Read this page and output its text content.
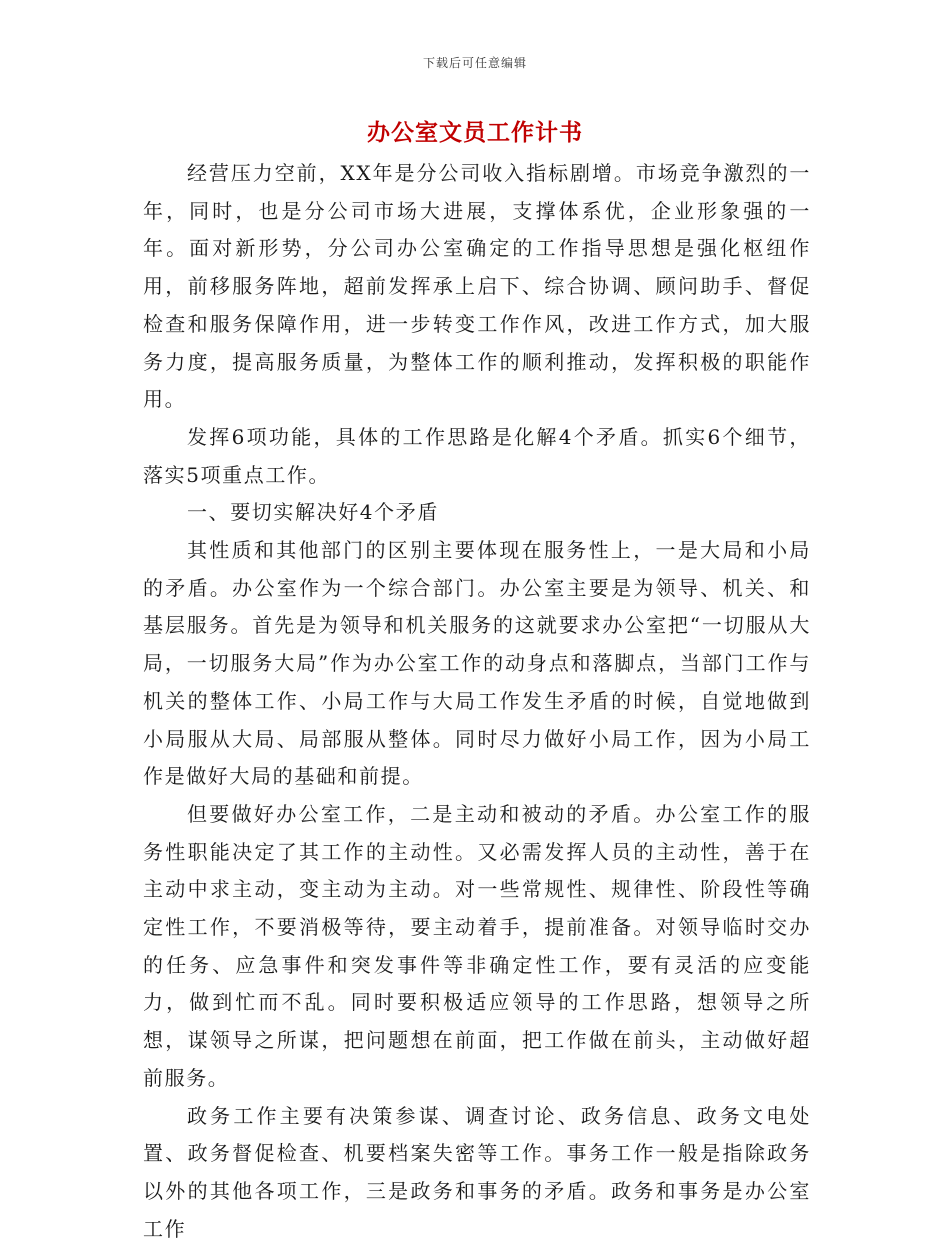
下载后可任意编辑
办公室文员工作计书

经营压力空前，XX年是分公司收入指标剧增。市场竞争激烈的一年，同时，也是分公司市场大进展，支撑体系优，企业形象强的一年。面对新形势，分公司办公室确定的工作指导思想是强化枢纽作用，前移服务阵地，超前发挥承上启下、综合协调、顾问助手、督促检查和服务保障作用，进一步转变工作作风，改进工作方式，加大服务力度，提高服务质量，为整体工作的顺利推动，发挥积极的职能作用。

发挥6项功能，具体的工作思路是化解4个矛盾。抓实6个细节，落实5项重点工作。

一、要切实解决好4个矛盾

其性质和其他部门的区别主要体现在服务性上，一是大局和小局的矛盾。办公室作为一个综合部门。办公室主要是为领导、机关、和基层服务。首先是为领导和机关服务的这就要求办公室把“一切服从大局，一切服务大局”作为办公室工作的动身点和落脚点，当部门工作与机关的整体工作、小局工作与大局工作发生矛盾的时候，自觉地做到小局服从大局、局部服从整体。同时尽力做好小局工作，因为小局工作是做好大局的基础和前提。

但要做好办公室工作，二是主动和被动的矛盾。办公室工作的服务性职能决定了其工作的主动性。又必需发挥人员的主动性，善于在主动中求主动，变主动为主动。对一些常规性、规律性、阶段性等确定性工作，不要消极等待，要主动着手，提前准备。对领导临时交办的任务、应急事件和突发事件等非确定性工作，要有灵活的应变能力，做到忙而不乱。同时要积极适应领导的工作思路，想领导之所想，谋领导之所谋，把问题想在前面，把工作做在前头，主动做好超前服务。

政务工作主要有决策参谋、调查讨论、政务信息、政务文电处置、政务督促检查、机要档案失密等工作。事务工作一般是指除政务以外的其他各项工作，三是政务和事务的矛盾。政务和事务是办公室工作
